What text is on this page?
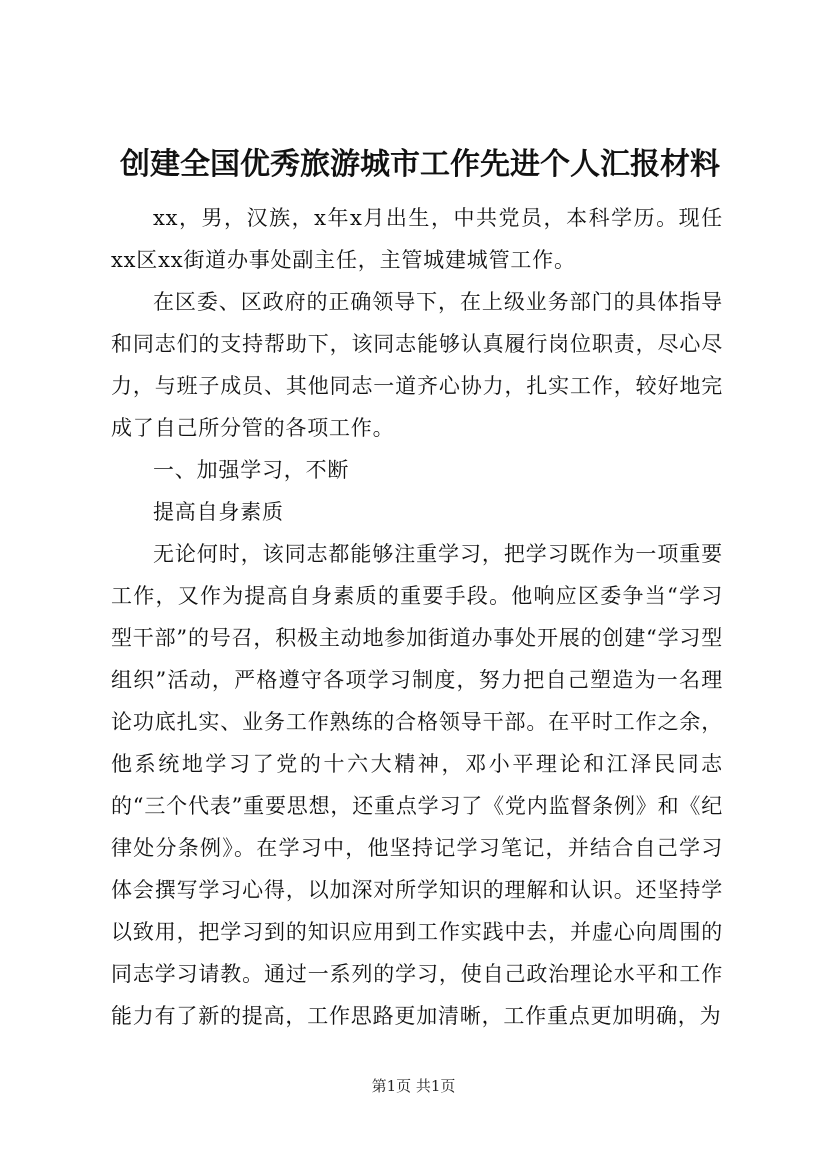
创建全国优秀旅游城市工作先进个人汇报材料

xx，男，汉族，x年x月出生，中共党员，本科学历。现任xx区xx街道办事处副主任，主管城建城管工作。

在区委、区政府的正确领导下，在上级业务部门的具体指导和同志们的支持帮助下，该同志能够认真履行岗位职责，尽心尽力，与班子成员、其他同志一道齐心协力，扎实工作，较好地完成了自己所分管的各项工作。

一、加强学习，不断

提高自身素质

无论何时，该同志都能够注重学习，把学习既作为一项重要工作，又作为提高自身素质的重要手段。他响应区委争当“学习型干部”的号召，积极主动地参加街道办事处开展的创建“学习型组织”活动，严格遵守各项学习制度，努力把自己塑造为一名理论功底扎实、业务工作熟练的合格领导干部。在平时工作之余，他系统地学习了党的十六大精神，邓小平理论和江泽民同志的“三个代表”重要思想，还重点学习了《党内监督条例》和《纪律处分条例》。在学习中，他坚持记学习笔记，并结合自己学习体会撰写学习心得，以加深对所学知识的理解和认识。还坚持学以致用，把学习到的知识应用到工作实践中去，并虚心向周围的同志学习请教。通过一系列的学习，使自己政治理论水平和工作能力有了新的提高，工作思路更加清晰，工作重点更加明确，为

第1页 共1页
